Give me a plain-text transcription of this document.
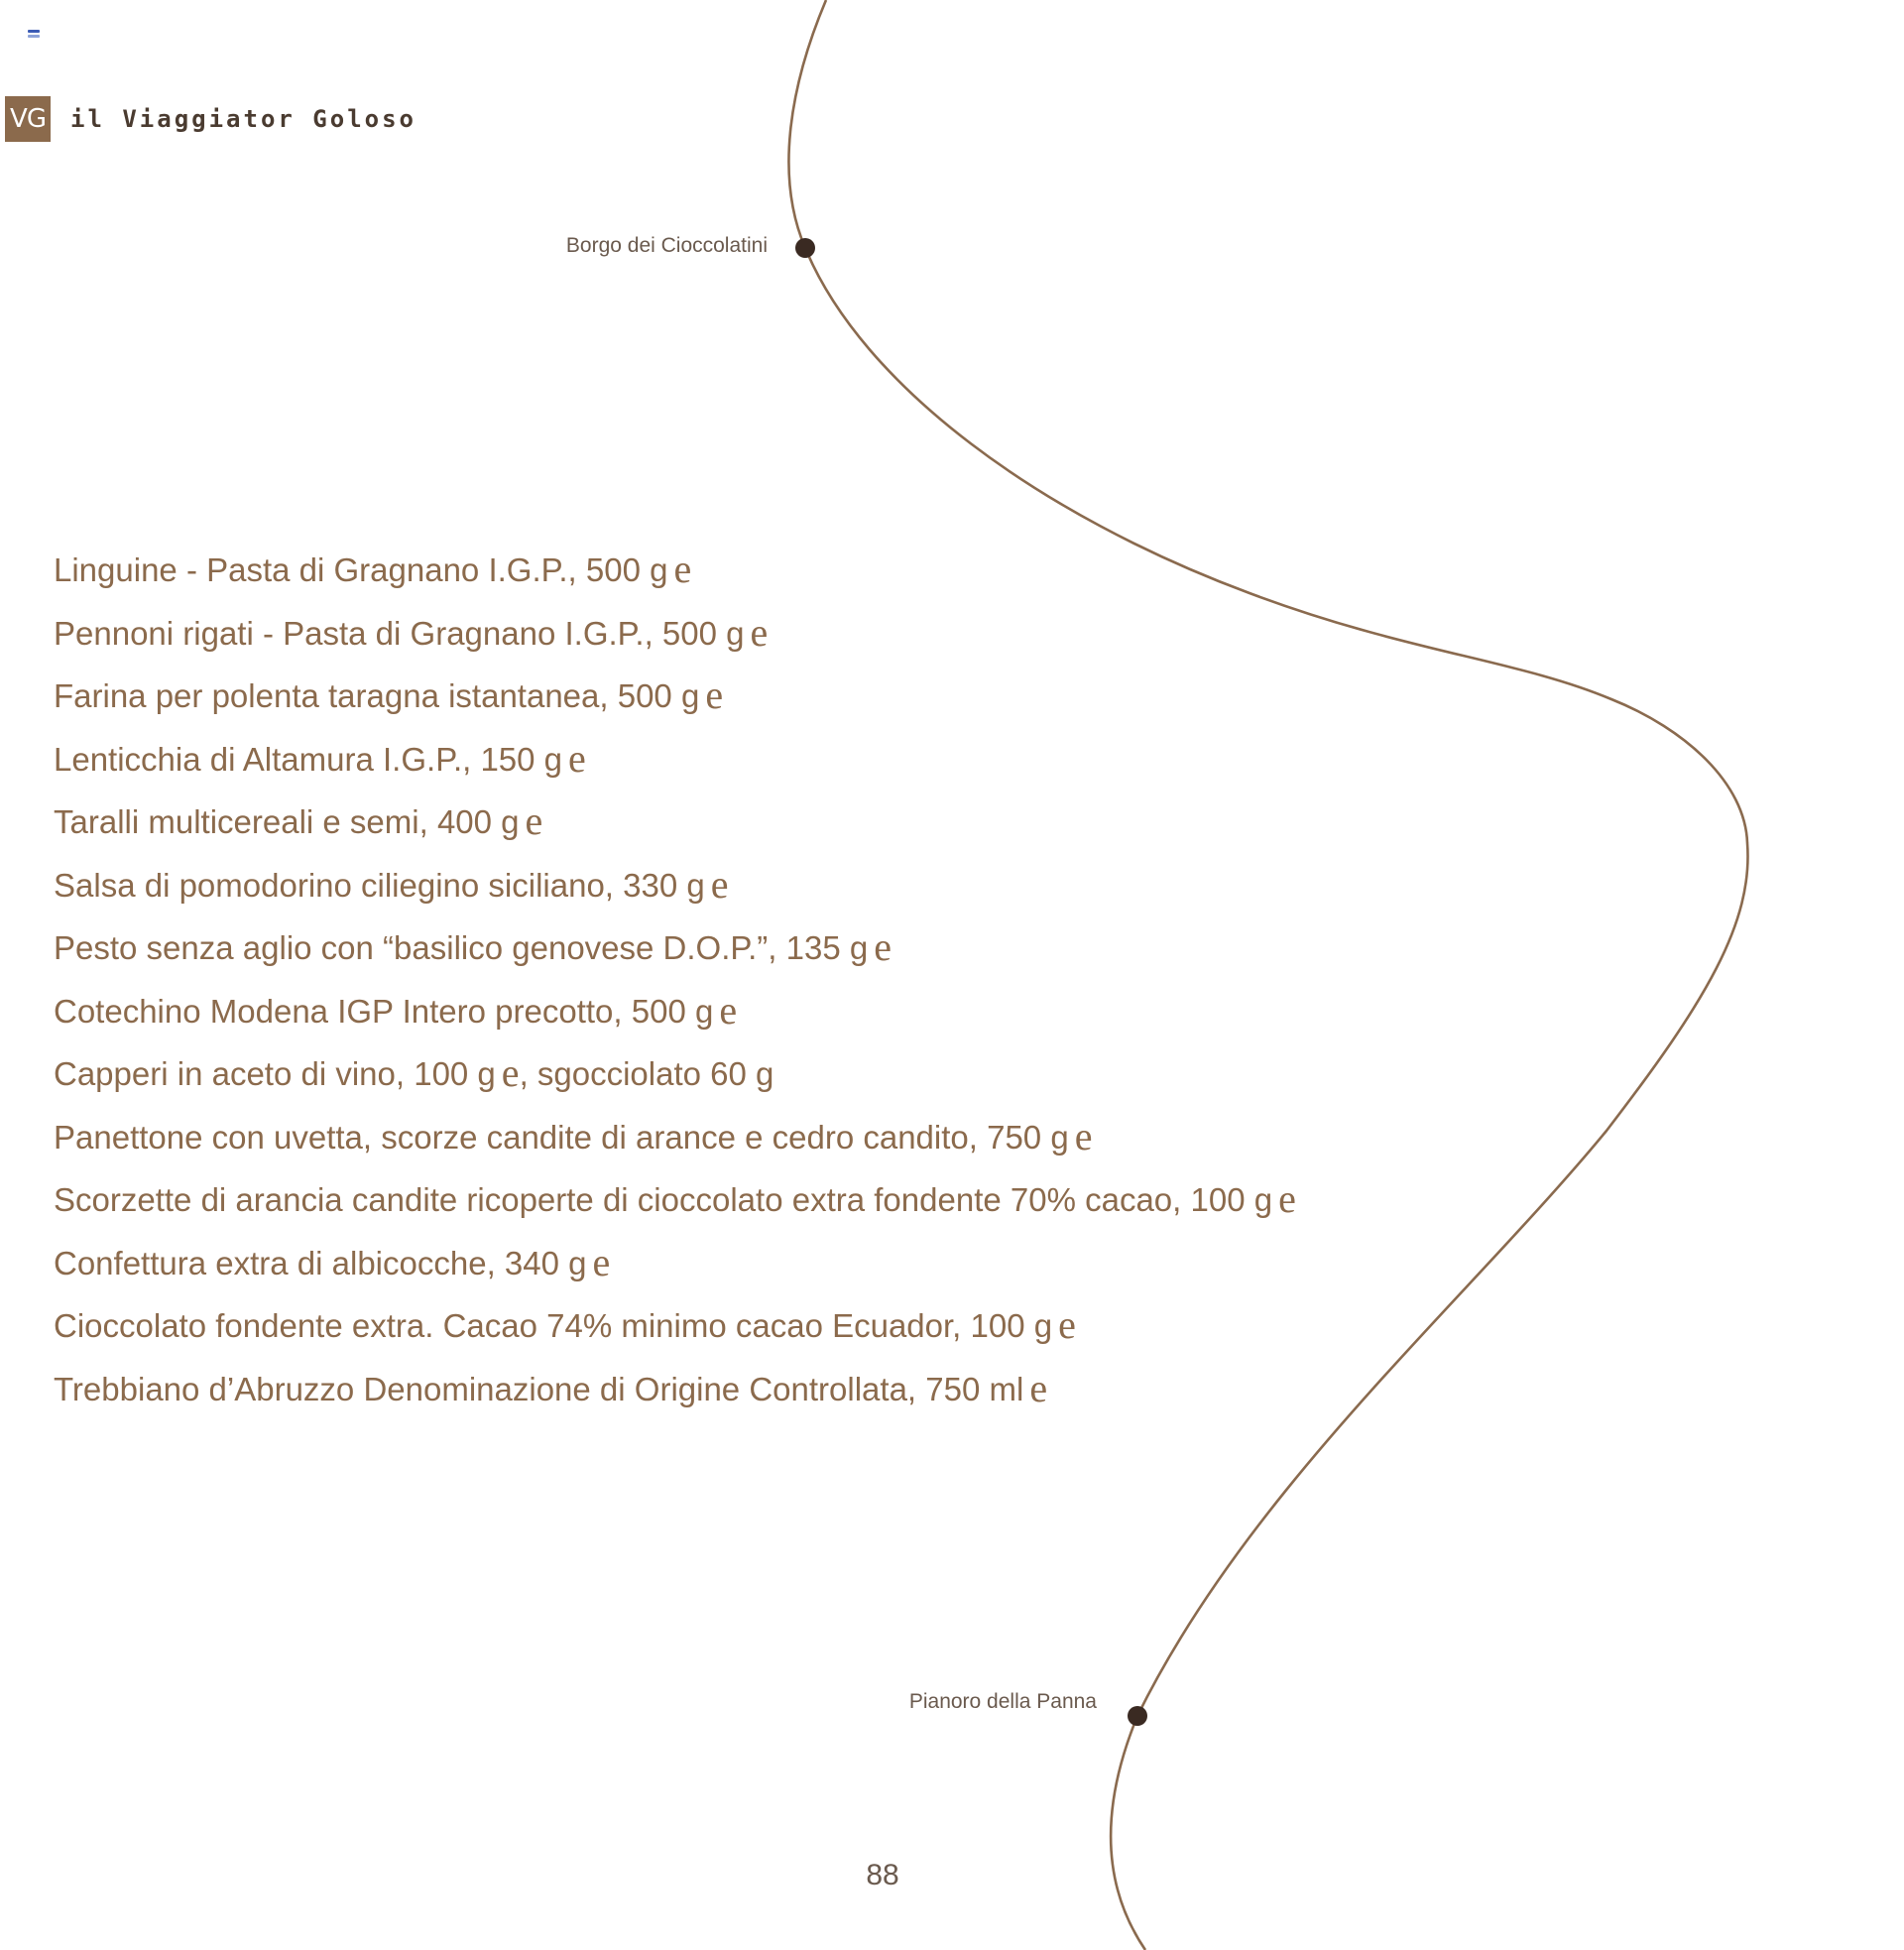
VG il Viaggiator Goloso
Borgo dei Cioccolatini
Pianoro della Panna
Linguine - Pasta di Gragnano I.G.P., 500 g e
Pennoni rigati - Pasta di Gragnano I.G.P., 500 g e
Farina per polenta taragna istantanea, 500 g e
Lenticchia di Altamura I.G.P., 150 g e
Taralli multicereali e semi, 400 g e
Salsa di pomodorino ciliegino siciliano, 330 g e
Pesto senza aglio con “basilico genovese D.O.P.”, 135 g e
Cotechino Modena IGP Intero precotto, 500 g e
Capperi in aceto di vino, 100 g e, sgocciolato 60 g
Panettone con uvetta, scorze candite di arance e cedro candito, 750 g e
Scorzette di arancia candite ricoperte di cioccolato extra fondente 70% cacao, 100 g e
Confettura extra di albicocche, 340 g e
Cioccolato fondente extra. Cacao 74% minimo cacao Ecuador, 100 g e
Trebbiano d’Abruzzo Denominazione di Origine Controllata, 750 ml e
88
